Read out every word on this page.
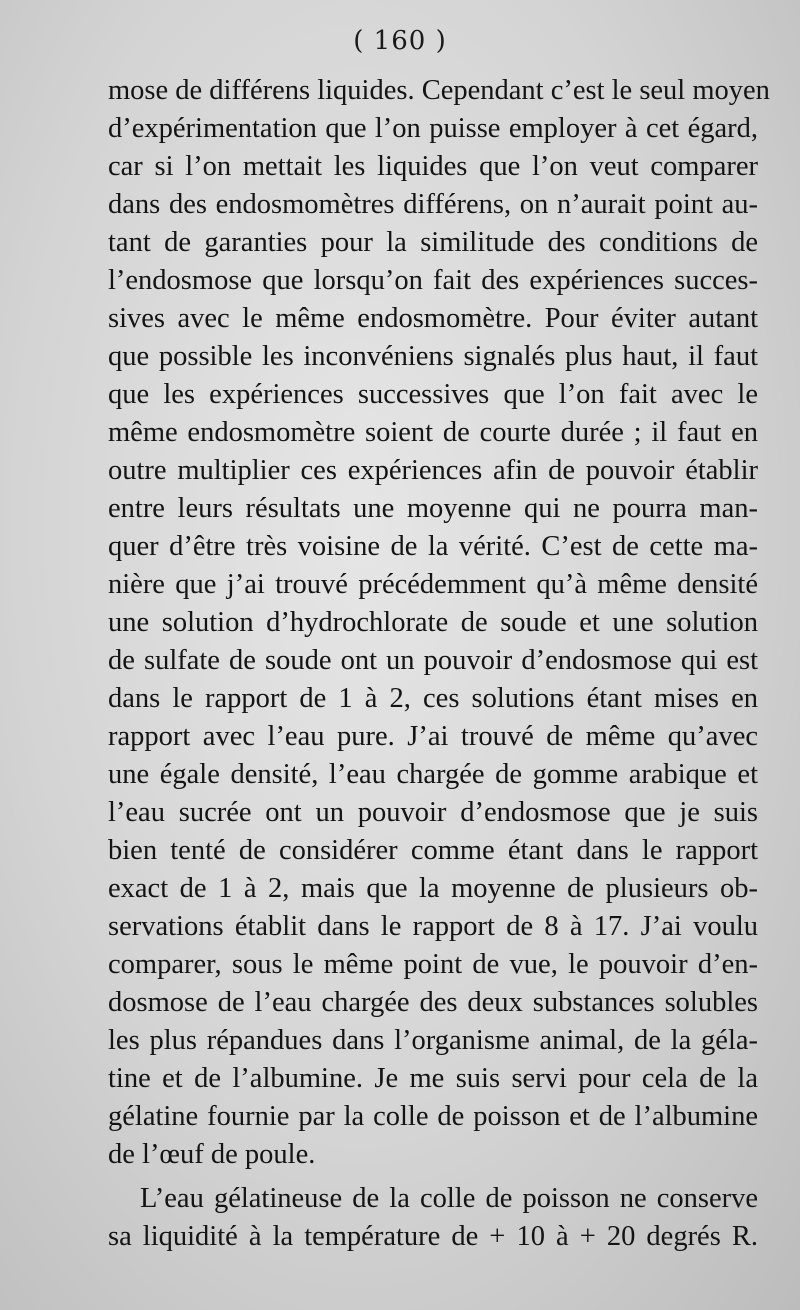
( 160 )
mose de différens liquides. Cependant c’est le seul moyen
d’expérimentation que l’on puisse employer à cet égard,
car si l’on mettait les liquides que l’on veut comparer
dans des endosmomètres différens, on n’aurait point au-
tant de garanties pour la similitude des conditions de
l’endosmose que lorsqu’on fait des expériences succes-
sives avec le même endosmomètre. Pour éviter autant
que possible les inconvéniens signalés plus haut, il faut
que les expériences successives que l’on fait avec le
même endosmomètre soient de courte durée ; il faut en
outre multiplier ces expériences afin de pouvoir établir
entre leurs résultats une moyenne qui ne pourra man-
quer d’être très voisine de la vérité. C’est de cette ma-
nière que j’ai trouvé précédemment qu’à même densité
une solution d’hydrochlorate de soude et une solution
de sulfate de soude ont un pouvoir d’endosmose qui est
dans le rapport de 1 à 2, ces solutions étant mises en
rapport avec l’eau pure. J’ai trouvé de même qu’avec
une égale densité, l’eau chargée de gomme arabique et
l’eau sucrée ont un pouvoir d’endosmose que je suis
bien tenté de considérer comme étant dans le rapport
exact de 1 à 2, mais que la moyenne de plusieurs ob-
servations établit dans le rapport de 8 à 17. J’ai voulu
comparer, sous le même point de vue, le pouvoir d’en-
dosmose de l’eau chargée des deux substances solubles
les plus répandues dans l’organisme animal, de la géla-
tine et de l’albumine. Je me suis servi pour cela de la
gélatine fournie par la colle de poisson et de l’albumine
de l’œuf de poule.
L’eau gélatineuse de la colle de poisson ne conserve
sa liquidité à la température de + 10 à + 20 degrés R.
